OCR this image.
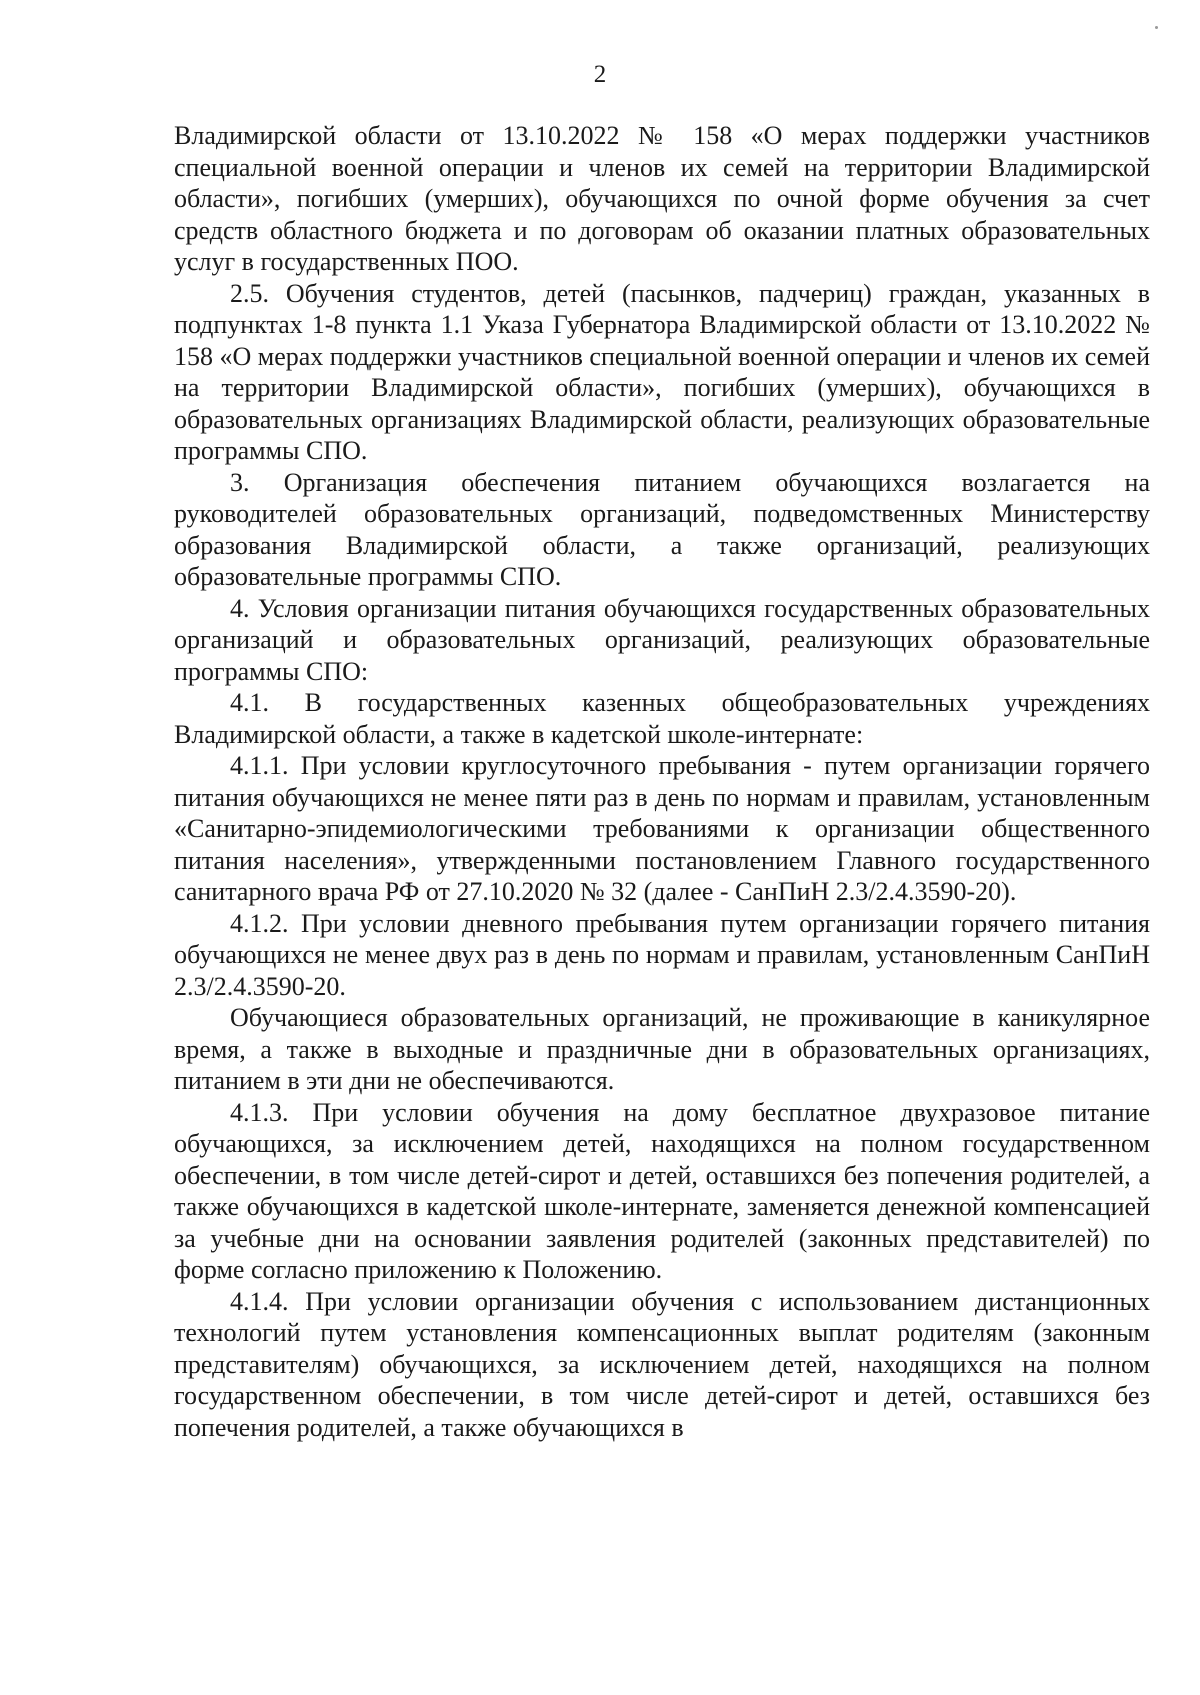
2

Владимирской области от 13.10.2022 № 158 «О мерах поддержки участников специальной военной операции и членов их семей на территории Владимирской области», погибших (умерших), обучающихся по очной форме обучения за счет средств областного бюджета и по договорам об оказании платных образовательных услуг в государственных ПОО.

2.5. Обучения студентов, детей (пасынков, падчериц) граждан, указанных в подпунктах 1-8 пункта 1.1 Указа Губернатора Владимирской области от 13.10.2022 № 158 «О мерах поддержки участников специальной военной операции и членов их семей на территории Владимирской области», погибших (умерших), обучающихся в образовательных организациях Владимирской области, реализующих образовательные программы СПО.

3. Организация обеспечения питанием обучающихся возлагается на руководителей образовательных организаций, подведомственных Министерству образования Владимирской области, а также организаций, реализующих образовательные программы СПО.

4. Условия организации питания обучающихся государственных образовательных организаций и образовательных организаций, реализующих образовательные программы СПО:

4.1. В государственных казенных общеобразовательных учреждениях Владимирской области, а также в кадетской школе-интернате:

4.1.1. При условии круглосуточного пребывания - путем организации горячего питания обучающихся не менее пяти раз в день по нормам и правилам, установленным «Санитарно-эпидемиологическими требованиями к организации общественного питания населения», утвержденными постановлением Главного государственного санитарного врача РФ от 27.10.2020 № 32 (далее - СанПиН 2.3/2.4.3590-20).

4.1.2. При условии дневного пребывания путем организации горячего питания обучающихся не менее двух раз в день по нормам и правилам, установленным СанПиН 2.3/2.4.3590-20.

Обучающиеся образовательных организаций, не проживающие в каникулярное время, а также в выходные и праздничные дни в образовательных организациях, питанием в эти дни не обеспечиваются.

4.1.3. При условии обучения на дому бесплатное двухразовое питание обучающихся, за исключением детей, находящихся на полном государственном обеспечении, в том числе детей-сирот и детей, оставшихся без попечения родителей, а также обучающихся в кадетской школе-интернате, заменяется денежной компенсацией за учебные дни на основании заявления родителей (законных представителей) по форме согласно приложению к Положению.

4.1.4. При условии организации обучения с использованием дистанционных технологий путем установления компенсационных выплат родителям (законным представителям) обучающихся, за исключением детей, находящихся на полном государственном обеспечении, в том числе детей-сирот и детей, оставшихся без попечения родителей, а также обучающихся в
